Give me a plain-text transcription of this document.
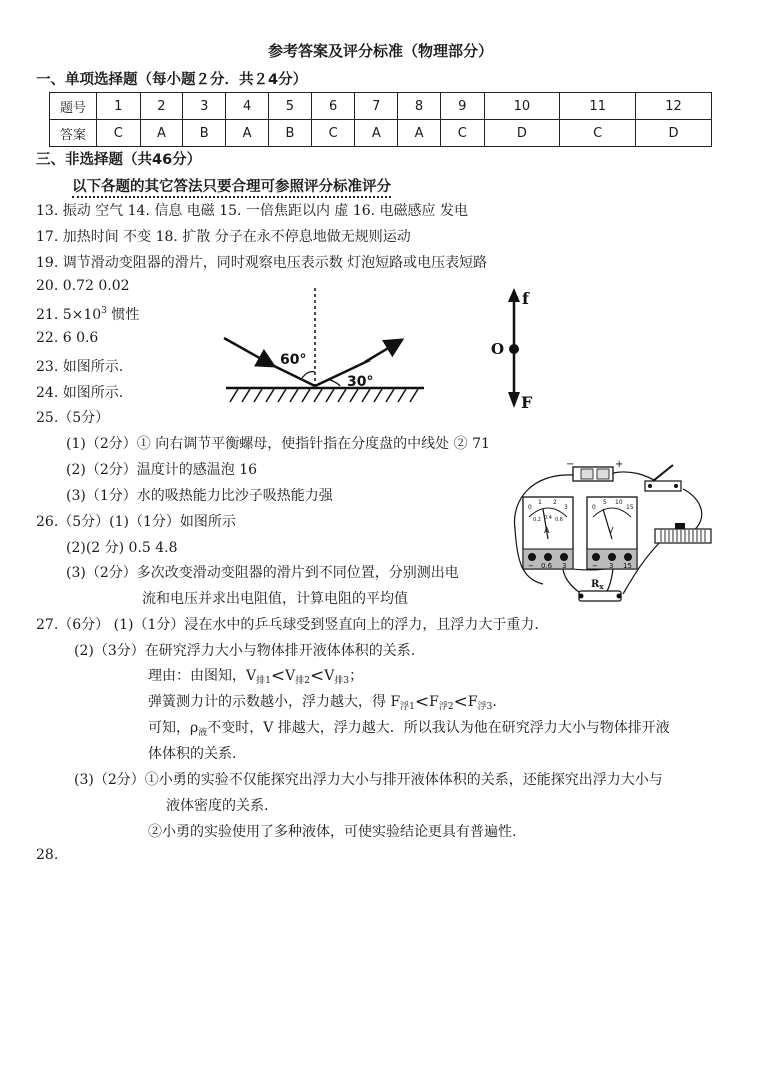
参考答案及评分标准（物理部分）
一、单项选择题（每小题２分．共２4分）
题号	1	2	3	4	5	6	7	8	9	10	11	12
答案	C	A	B	A	B	C	A	A	C	D	C	D
三、非选择题（共46分）
以下各题的其它答法只要合理可参照评分标准评分
13. 振动 空气 14. 信息 电磁 15. 一倍焦距以内 虚 16. 电磁感应 发电
17. 加热时间 不变 18. 扩散 分子在永不停息地做无规则运动
19. 调节滑动变阻器的滑片，同时观察电压表示数 灯泡短路或电压表短路
20. 0.72 0.02
21. $5\times 10^3$ 惯性
22. 6 0.6
23. 如图所示.
24. 如图所示.
25.（5分）
(1)（2分）① 向右调节平衡螺母，使指针指在分度盘的中线处 ② 71
(2)（2分）温度计的感温泡 16
(3)（1分）水的吸热能力比沙子吸热能力强
26.（5分）(1)（1分）如图所示
(2)(2 分) 0.5 4.8
(3)（2分）多次改变滑动变阻器的滑片到不同位置，分别测出电
流和电压并求出电阻值，计算电阻的平均值
27.（6分） (1)（1分）浸在水中的乒乓球受到竖直向上的浮力，且浮力大于重力.
(2)（3分）在研究浮力大小与物体排开液体体积的关系.
理由：由图知，$V_{排1}<V_{排2}<V_{排3}$；
弹簧测力计的示数越小，浮力越大，得 $F_{浮1}<F_{浮2}<F_{浮3}$.
可知，$\rho_液$不变时，V 排越大，浮力越大．所以我认为他在研究浮力大小与物体排开液
体体积的关系.
(3)（2分）①小勇的实验不仅能探究出浮力大小与排开液体体积的关系，还能探究出浮力大小与
液体密度的关系.
②小勇的实验使用了多种液体，可使实验结论更具有普遍性.
28.
60°
30°
f
O
F
−	+
0
1 2
3
0.2 0.4 0.6
A
− 0.6 3
0
5 10
15
V
− 3 15
$R_x$
